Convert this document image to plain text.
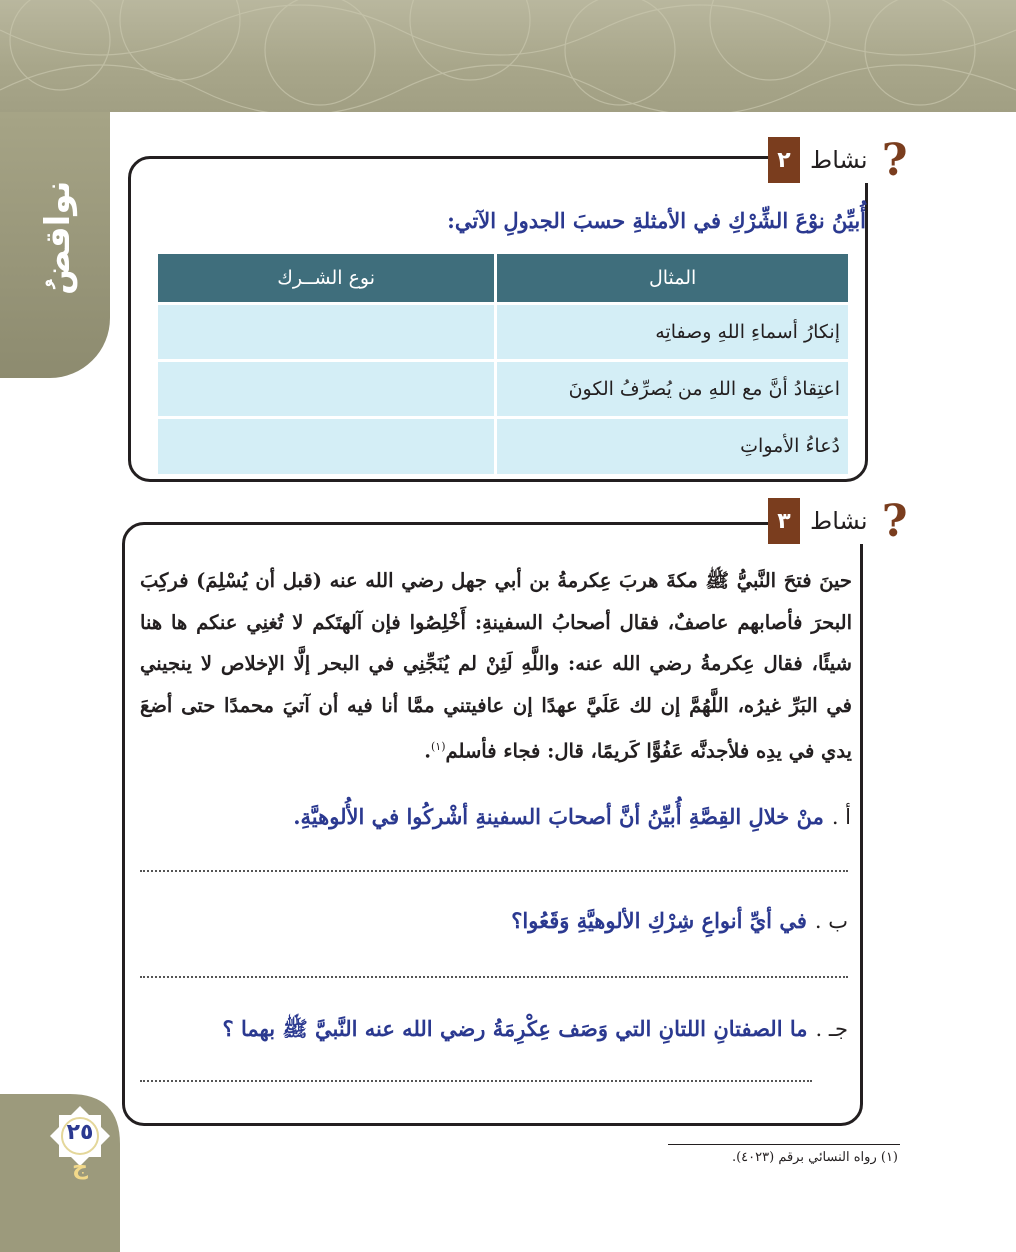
نواقضُ
٢ نشاط ?
أُبيِّنُ نوْعَ الشِّرْكِ في الأمثلةِ حسبَ الجدولِ الآتي:
المثال	نوع الشــرك
إنكارُ أسماءِ اللهِ وصفاتِه	
اعتِقادُ أنَّ مع اللهِ من يُصرِّفُ الكونَ	
دُعاءُ الأمواتِ	
٣ نشاط ?
حينَ فتحَ النَّبيُّ ﷺ مكةَ هربَ عِكرمةُ بن أبي جهل رضي الله عنه (قبل أن يُسْلِمَ) فركِبَ البحرَ فأصابهم عاصفٌ، فقال أصحابُ السفينةِ: أَخْلِصُوا فإن آلهتَكم لا تُغنِي عنكم ها هنا شيئًا، فقال عِكرمةُ رضي الله عنه: واللَّهِ لَئِنْ لم يُنَجِّنِي في البحر إلَّا الإخلاص لا ينجيني في البَرِّ غيرُه، اللَّهُمَّ إن لك عَلَيَّ عهدًا إن عافيتني ممَّا أنا فيه أن آتيَ محمدًا حتى أضعَ يدي في يدِه فلأجدنَّه عَفُوًّا كَريمًا، قال: فجاء فأسلم$^{(١)}$.
أ .منْ خلالِ القِصَّةِ أُبيِّنُ أنَّ أصحابَ السفينةِ أشْركُوا في الأُلوهيَّةِ.
ب .في أيِّ أنواعِ شِرْكِ الألوهيَّةِ وَقَعُوا؟
جـ .ما الصفتانِ اللتانِ التي وَصَف عِكْرِمَةُ رضي الله عنه النَّبيَّ ﷺ بهما ؟
ج
٢٥
(١) رواه النسائي برقم (٤٠٢٣).
